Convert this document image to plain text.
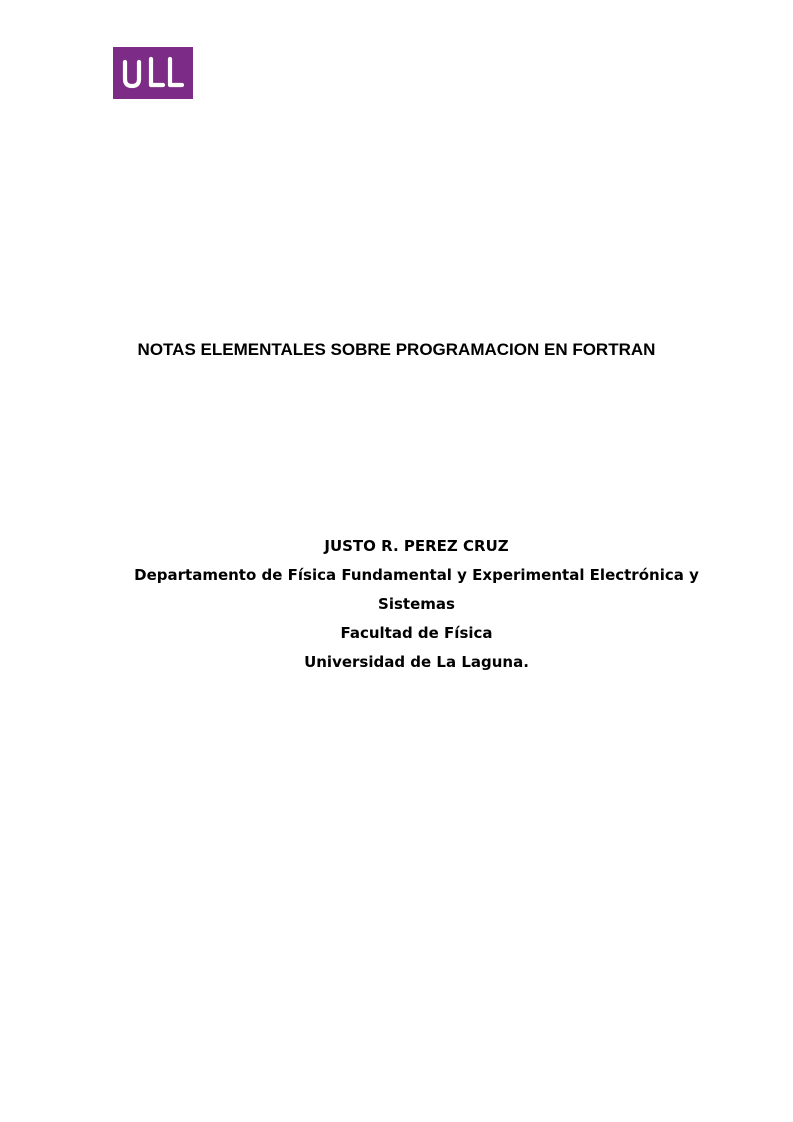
NOTAS ELEMENTALES SOBRE PROGRAMACION EN FORTRAN
JUSTO R. PEREZ CRUZ
Departamento de Física Fundamental y Experimental Electrónica y
Sistemas
Facultad de Física
Universidad de La Laguna.
